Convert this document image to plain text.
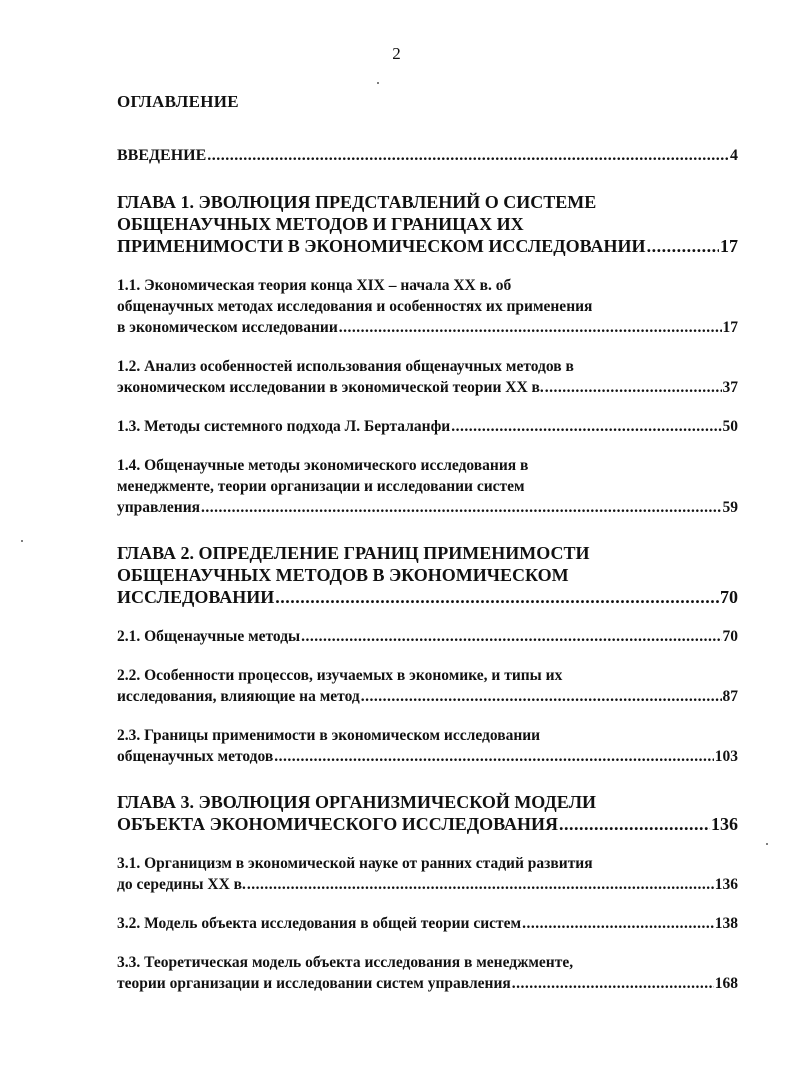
2
ОГЛАВЛЕНИЕ
ВВЕДЕНИЕ .....	4
ГЛАВА 1. ЭВОЛЮЦИЯ ПРЕДСТАВЛЕНИЙ О СИСТЕМЕ
ОБЩЕНАУЧНЫХ МЕТОДОВ И ГРАНИЦАХ ИХ
ПРИМЕНИМОСТИ В ЭКОНОМИЧЕСКОМ ИССЛЕДОВАНИИ .....	17
1.1. Экономическая теория конца XIX – начала XX в. об
общенаучных методах исследования и особенностях их применения
в экономическом исследовании .....	17
1.2. Анализ особенностей использования общенаучных методов в
экономическом исследовании в экономической теории XX в. .....	37
1.3. Методы системного подхода Л. Берталанфи .....	50
1.4. Общенаучные методы экономического исследования в
менеджменте, теории организации и исследовании систем
управления .....	59
ГЛАВА 2. ОПРЕДЕЛЕНИЕ ГРАНИЦ ПРИМЕНИМОСТИ
ОБЩЕНАУЧНЫХ МЕТОДОВ В ЭКОНОМИЧЕСКОМ
ИССЛЕДОВАНИИ .....	70
2.1. Общенаучные методы .....	70
2.2. Особенности процессов, изучаемых в экономике, и типы их
исследования, влияющие на метод .....	87
2.3. Границы применимости в экономическом исследовании
общенаучных методов .....	103
ГЛАВА 3. ЭВОЛЮЦИЯ ОРГАНИЗМИЧЕСКОЙ МОДЕЛИ
ОБЪЕКТА ЭКОНОМИЧЕСКОГО ИССЛЕДОВАНИЯ .....	136
3.1. Органицизм в экономической науке от ранних стадий развития
до середины XX в. .....	136
3.2. Модель объекта исследования в общей теории систем .....	138
3.3. Теоретическая модель объекта исследования в менеджменте,
теории организации и исследовании систем управления .....	168
